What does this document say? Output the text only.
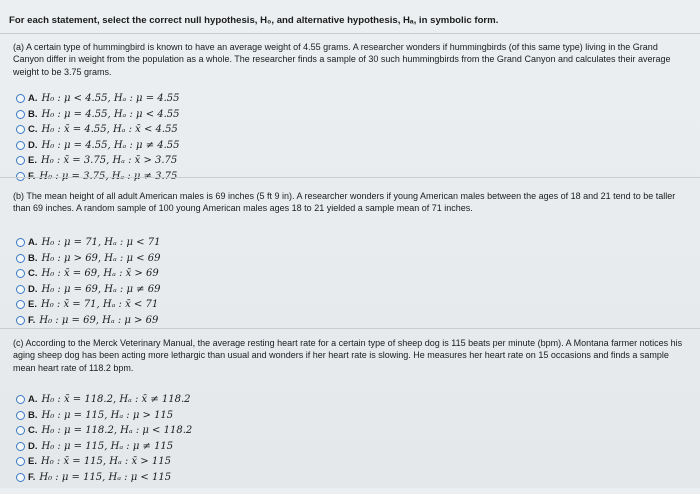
For each statement, select the correct null hypothesis, H₀, and alternative hypothesis, Hₐ, in symbolic form.
(a) A certain type of hummingbird is known to have an average weight of 4.55 grams. A researcher wonders if hummingbirds (of this same type) living in the Grand Canyon differ in weight from the population as a whole. The researcher finds a sample of 30 such hummingbirds from the Grand Canyon and calculates their average weight to be 3.75 grams.
A. H₀ : μ < 4.55, Hₐ : μ = 4.55
B. H₀ : μ = 4.55, Hₐ : μ < 4.55
C. H₀ : x̄ = 4.55, Hₐ : x̄ < 4.55
D. H₀ : μ = 4.55, Hₐ : μ ≠ 4.55
E. H₀ : x̄ = 3.75, Hₐ : x̄ > 3.75
F. H₀ : μ = 3.75, Hₐ : μ ≠ 3.75
(b) The mean height of all adult American males is 69 inches (5 ft 9 in). A researcher wonders if young American males between the ages of 18 and 21 tend to be taller than 69 inches. A random sample of 100 young American males ages 18 to 21 yielded a sample mean of 71 inches.
A. H₀ : μ = 71, Hₐ : μ < 71
B. H₀ : μ > 69, Hₐ : μ < 69
C. H₀ : x̄ = 69, Hₐ : x̄ > 69
D. H₀ : μ = 69, Hₐ : μ ≠ 69
E. H₀ : x̄ = 71, Hₐ : x̄ < 71
F. H₀ : μ = 69, Hₐ : μ > 69
(c) According to the Merck Veterinary Manual, the average resting heart rate for a certain type of sheep dog is 115 beats per minute (bpm). A Montana farmer notices his aging sheep dog has been acting more lethargic than usual and wonders if her heart rate is slowing. He measures her heart rate on 15 occasions and finds a sample mean heart rate of 118.2 bpm.
A. H₀ : x̄ = 118.2, Hₐ : x̄ ≠ 118.2
B. H₀ : μ = 115, Hₐ : μ > 115
C. H₀ : μ = 118.2, Hₐ : μ < 118.2
D. H₀ : μ = 115, Hₐ : μ ≠ 115
E. H₀ : x̄ = 115, Hₐ : x̄ > 115
F. H₀ : μ = 115, Hₐ : μ < 115
